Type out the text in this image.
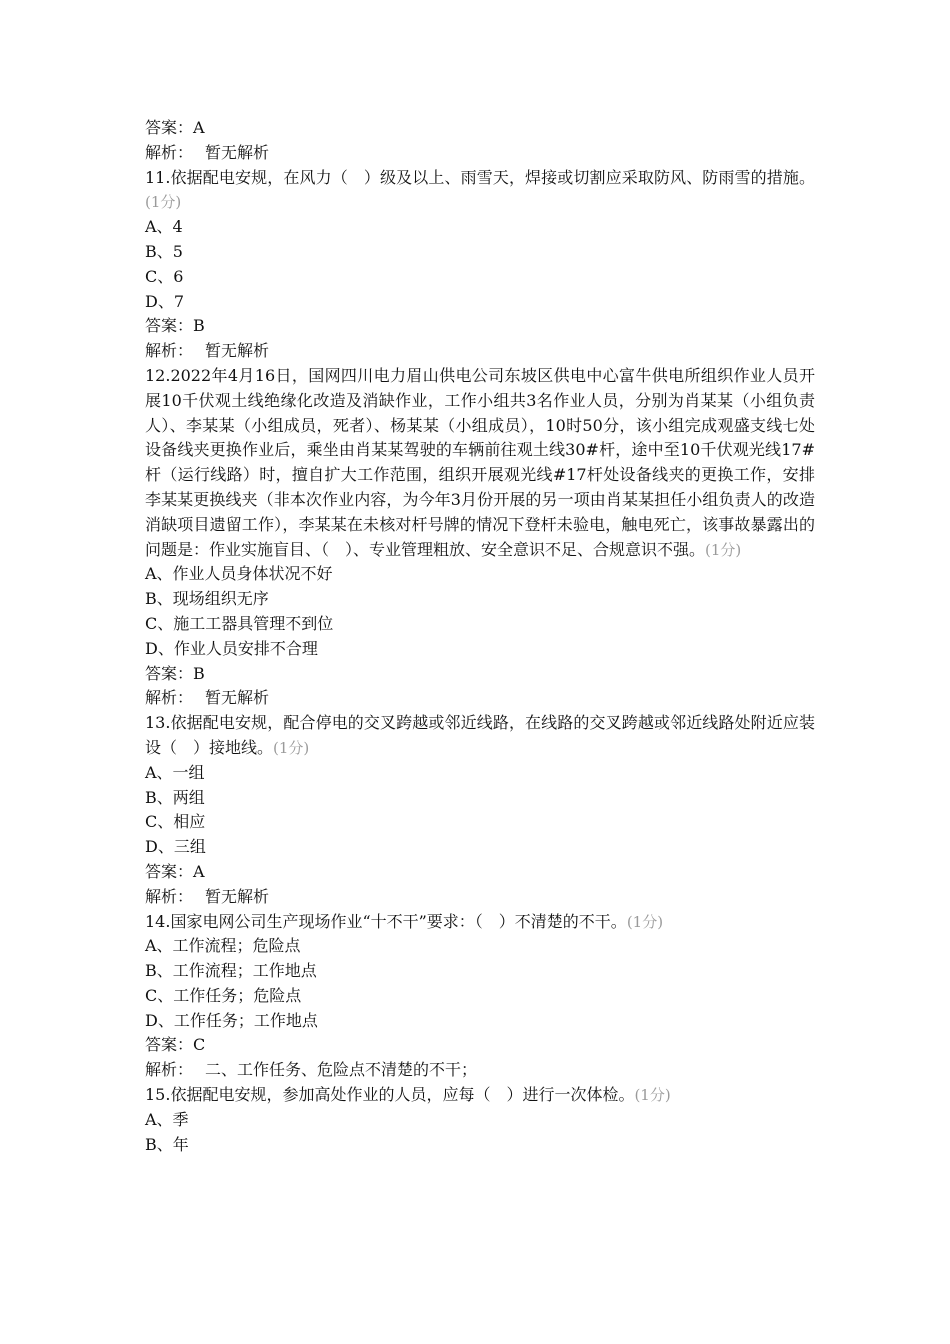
答案：A
解析： 暂无解析
11.依据配电安规，在风力（　）级及以上、雨雪天，焊接或切割应采取防风、防雨雪的措施。(1分)
A、4
B、5
C、6
D、7
答案：B
解析： 暂无解析
12.2022年4月16日，国网四川电力眉山供电公司东坡区供电中心富牛供电所组织作业人员开展10千伏观土线绝缘化改造及消缺作业，工作小组共3名作业人员，分别为肖某某（小组负责人）、李某某（小组成员，死者）、杨某某（小组成员），10时50分，该小组完成观盛支线七处设备线夹更换作业后，乘坐由肖某某驾驶的车辆前往观土线30#杆，途中至10千伏观光线17#杆（运行线路）时，擅自扩大工作范围，组织开展观光线#17杆处设备线夹的更换工作，安排李某某更换线夹（非本次作业内容，为今年3月份开展的另一项由肖某某担任小组负责人的改造消缺项目遗留工作），李某某在未核对杆号牌的情况下登杆未验电，触电死亡，该事故暴露出的问题是：作业实施盲目、（　）、专业管理粗放、安全意识不足、合规意识不强。(1分)
A、作业人员身体状况不好
B、现场组织无序
C、施工工器具管理不到位
D、作业人员安排不合理
答案：B
解析： 暂无解析
13.依据配电安规，配合停电的交叉跨越或邻近线路，在线路的交叉跨越或邻近线路处附近应装设（　）接地线。(1分)
A、一组
B、两组
C、相应
D、三组
答案：A
解析： 暂无解析
14.国家电网公司生产现场作业“十不干”要求：（　）不清楚的不干。(1分)
A、工作流程；危险点
B、工作流程；工作地点
C、工作任务；危险点
D、工作任务；工作地点
答案：C
解析： 二、工作任务、危险点不清楚的不干；
15.依据配电安规，参加高处作业的人员，应每（　）进行一次体检。(1分)
A、季
B、年
